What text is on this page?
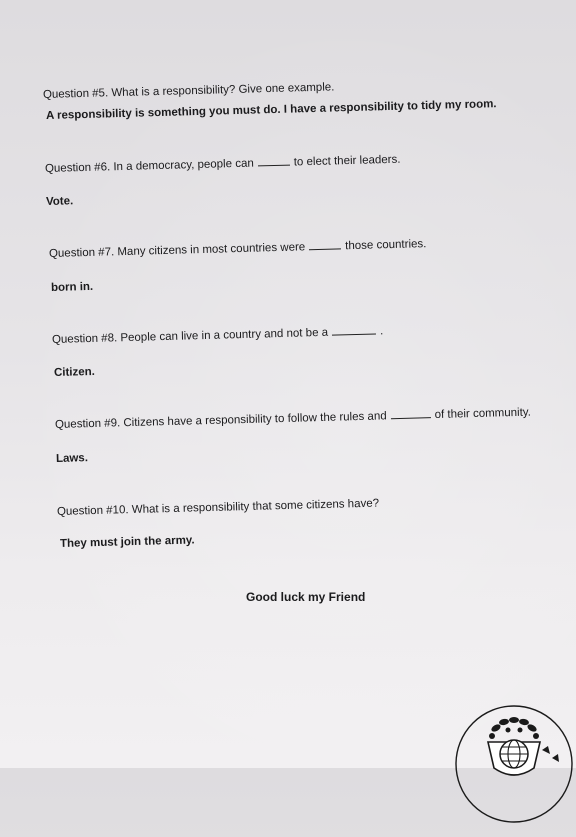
Question #5. What is a responsibility? Give one example.
A responsibility is something you must do. I have a responsibility to tidy my room.
Question #6. In a democracy, people can	to elect their leaders.
Vote.
Question #7. Many citizens in most countries were	those countries.
born in.
Question #8. People can live in a country and not be a	.
Citizen.
Question #9. Citizens have a responsibility to follow the rules and	of their community.
Laws.
Question #10. What is a responsibility that some citizens have?
They must join the army.
Good luck my Friend
